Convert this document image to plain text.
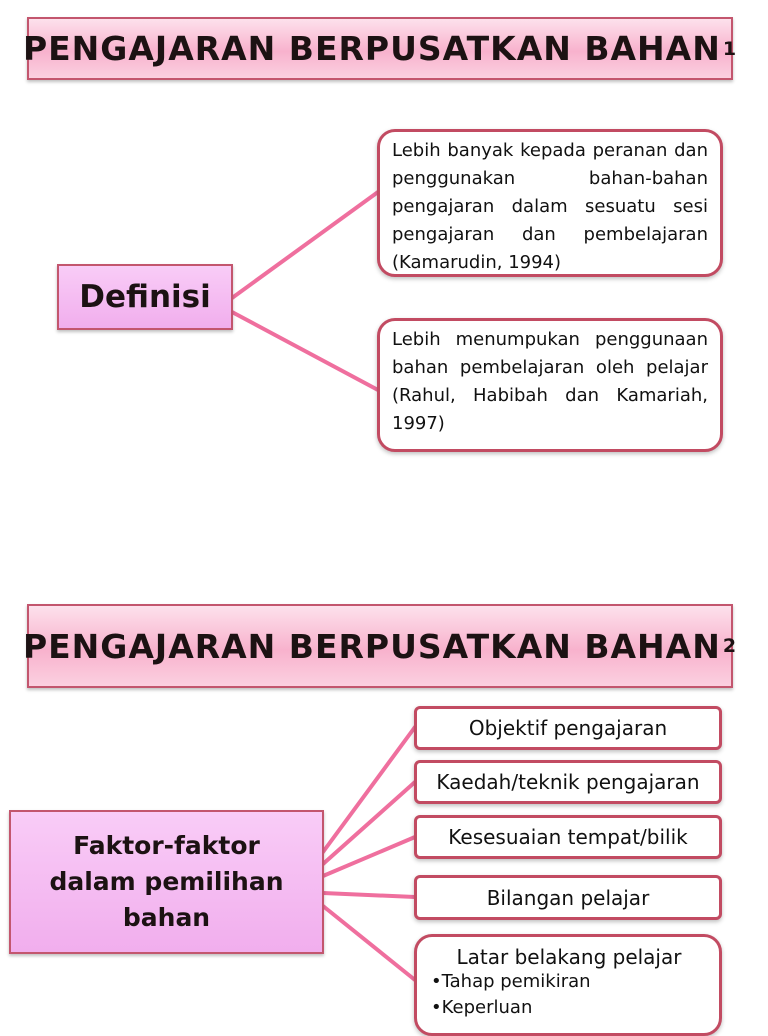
PENGAJARAN BERPUSATKAN BAHAN 1
Definisi
Lebih banyak kepada peranan dan penggunakan bahan-bahan pengajaran dalam sesuatu sesi pengajaran dan pembelajaran (Kamarudin, 1994)
Lebih menumpukan penggunaan bahan pembelajaran oleh pelajar (Rahul, Habibah dan Kamariah, 1997)
PENGAJARAN BERPUSATKAN BAHAN 2
Faktor-faktor dalam pemilihan bahan
Objektif pengajaran
Kaedah/teknik pengajaran
Kesesuaian tempat/bilik
Bilangan pelajar
Latar belakang pelajar
•Tahap pemikiran
•Keperluan
